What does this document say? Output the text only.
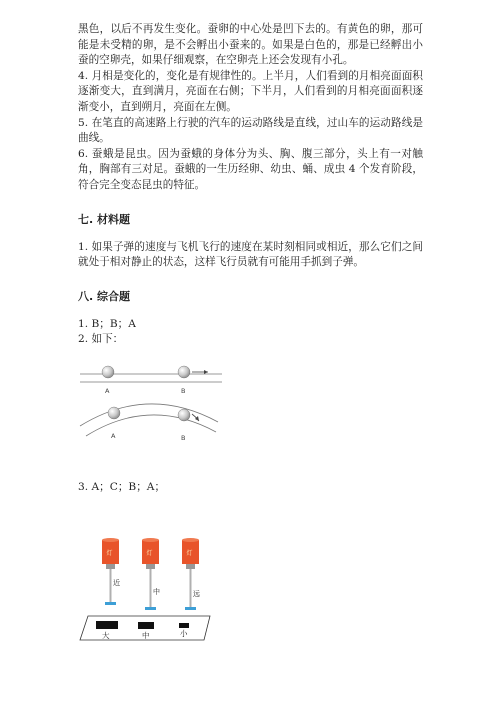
黑色，以后不再发生变化。蚕卵的中心处是凹下去的。有黄色的卵，那可能是未受精的卵，是不会孵出小蚕来的。如果是白色的，那是已经孵出小蚕的空卵壳，如果仔细观察，在空卵壳上还会发现有小孔。

4. 月相是变化的，变化是有规律性的。上半月，人们看到的月相亮面面积逐渐变大，直到满月，亮面在右侧；下半月，人们看到的月相亮面面积逐渐变小，直到朔月，亮面在左侧。

5. 在笔直的高速路上行驶的汽车的运动路线是直线，过山车的运动路线是曲线。

6. 蚕蛾是昆虫。因为蚕蛾的身体分为头、胸、腹三部分，头上有一对触角，胸部有三对足。蚕蛾的一生历经卵、幼虫、蛹、成虫 4 个发育阶段，符合完全变态昆虫的特征。

七. 材料题

1. 如果子弹的速度与飞机飞行的速度在某时刻相同或相近，那么它们之间就处于相对静止的状态，这样飞行员就有可能用手抓到子弹。

八. 综合题

1. B；B；A

2. 如下：

A	B
A	B

3. A；C；B；A；

灯
近
灯
中
灯
远
大	中	小
